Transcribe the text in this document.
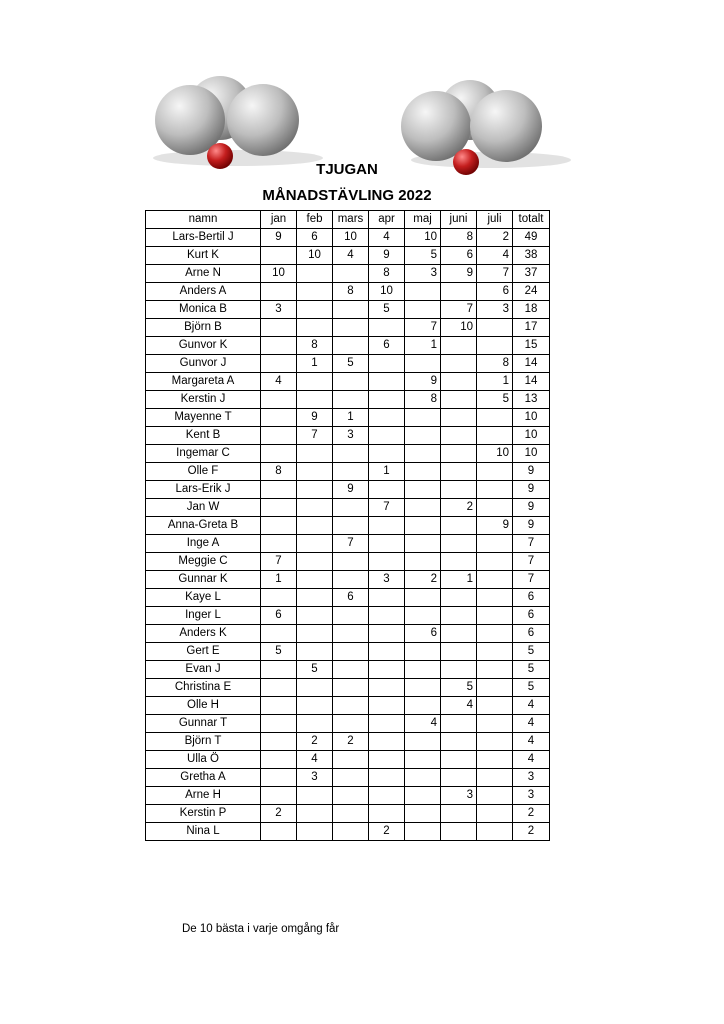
TJUGAN
MÅNADSTÄVLING 2022
namn	jan	feb	mars	apr	maj	juni	juli	totalt
Lars-Bertil J	9	6	10	4	10	8	2	49
Kurt K		10	4	9	5	6	4	38
Arne N	10			8	3	9	7	37
Anders A			8	10			6	24
Monica B	3			5		7	3	18
Björn B					7	10		17
Gunvor K		8		6	1			15
Gunvor J		1	5				8	14
Margareta A	4				9		1	14
Kerstin J					8		5	13
Mayenne T		9	1					10
Kent B		7	3					10
Ingemar C							10	10
Olle F	8			1				9
Lars-Erik J			9					9
Jan W				7		2		9
Anna-Greta B							9	9
Inge A			7					7
Meggie C	7							7
Gunnar K	1			3	2	1		7
Kaye L			6					6
Inger L	6							6
Anders K					6			6
Gert E	5							5
Evan J		5						5
Christina E						5		5
Olle H						4		4
Gunnar T					4			4
Björn T		2	2					4
Ulla Ö		4						4
Gretha A		3						3
Arne H						3		3
Kerstin P	2							2
Nina L				2				2
De 10 bästa i varje omgång får
